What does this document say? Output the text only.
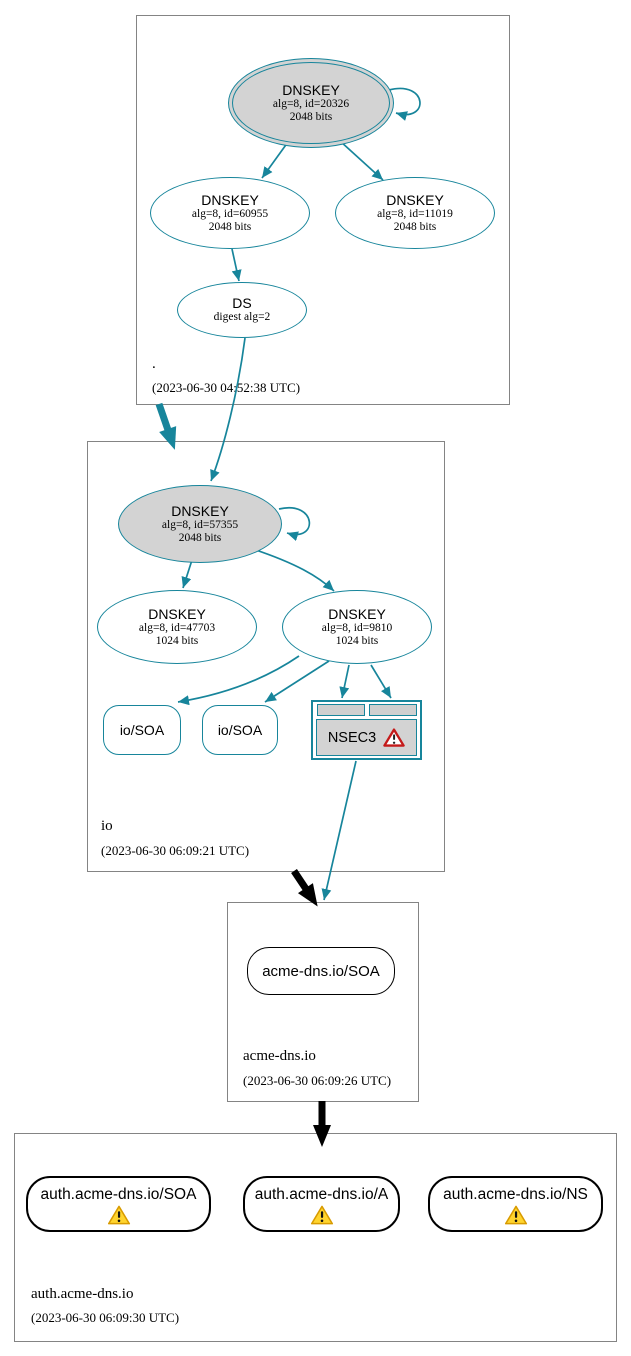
.
(2023-06-30 04:52:38 UTC)
io
(2023-06-30 06:09:21 UTC)
acme-dns.io
(2023-06-30 06:09:26 UTC)
auth.acme-dns.io
(2023-06-30 06:09:30 UTC)
DNSKEY
alg=8, id=20326
2048 bits
DNSKEY
alg=8, id=60955
2048 bits
DNSKEY
alg=8, id=11019
2048 bits
DS
digest alg=2
DNSKEY
alg=8, id=57355
2048 bits
DNSKEY
alg=8, id=47703
1024 bits
DNSKEY
alg=8, id=9810
1024 bits
io/SOA	io/SOA	NSEC3
acme-dns.io/SOA
auth.acme-dns.io/SOA	auth.acme-dns.io/A	auth.acme-dns.io/NS
